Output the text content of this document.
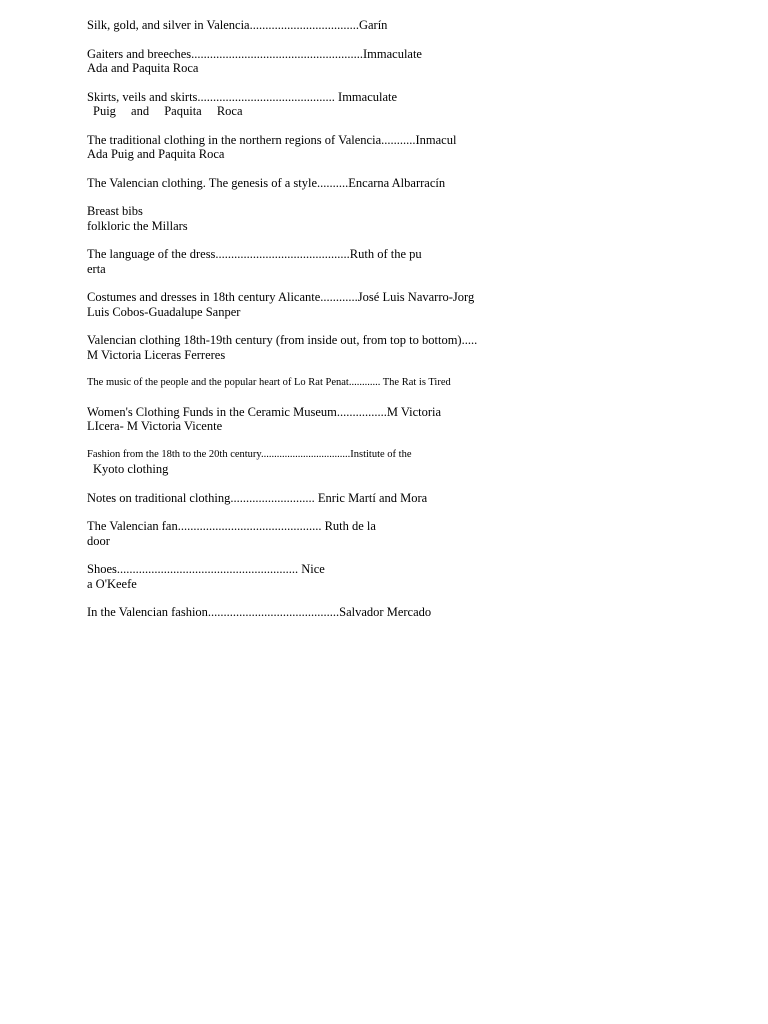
Silk, gold, and silver in Valencia...................................Garín
Gaiters and breeches.......................................................Immaculate
Ada and Paquita Roca
Skirts, veils and skirts............................................ Immaculate
Puig and Paquita Roca
The traditional clothing in the northern regions of Valencia...........Inmacul
Ada Puig and Paquita Roca
The Valencian clothing. The genesis of a style..........Encarna Albarracín
Breast bibs
folkloric the Millars
The language of the dress...........................................Ruth of the pu
erta
Costumes and dresses in 18th century Alicante............José Luis Navarro-Jorg
Luis Cobos-Guadalupe Sanper
Valencian clothing 18th-19th century (from inside out, from top to bottom).....
M Victoria Liceras Ferreres
The music of the people and the popular heart of Lo Rat Penat............ The Rat is Tired
Women's Clothing Funds in the Ceramic Museum................M Victoria
LIcera- M Victoria Vicente
Fashion from the 18th to the 20th century..................................Institute of the
Kyoto clothing
Notes on traditional clothing........................... Enric Martí and Mora
The Valencian fan.............................................. Ruth de la
door
Shoes.......................................................... Nice
a O'Keefe
In the Valencian fashion..........................................Salvador Mercado
